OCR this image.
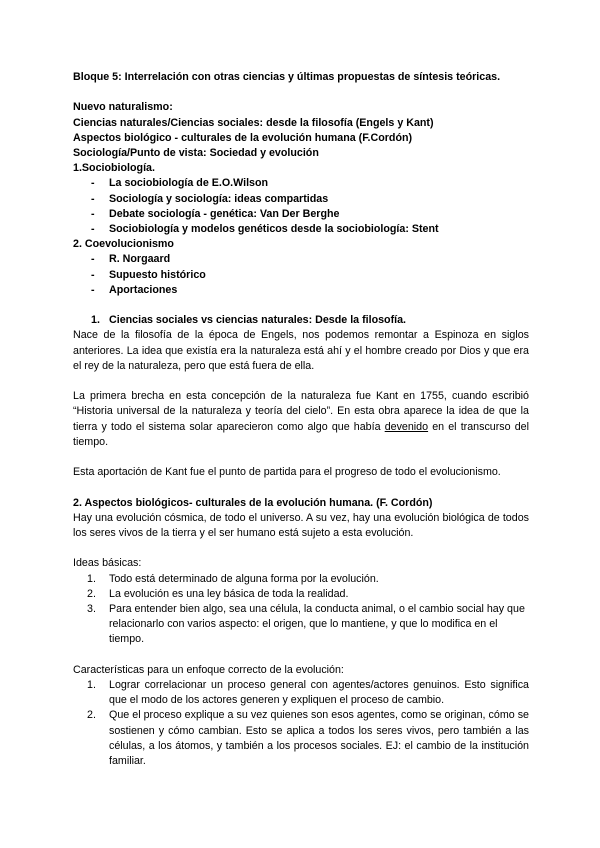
Bloque 5: Interrelación con otras ciencias y últimas propuestas de síntesis teóricas.
Nuevo naturalismo:
Ciencias naturales/Ciencias sociales: desde la filosofía (Engels y Kant)
Aspectos biológico - culturales de la evolución humana (F.Cordón)
Sociología/Punto de vista: Sociedad y evolución
1.Sociobiología.
- La sociobiología de E.O.Wilson
- Sociología y sociología: ideas compartidas
- Debate sociología - genética: Van Der Berghe
- Sociobiología y modelos genéticos desde la sociobiología: Stent
2. Coevolucionismo
- R. Norgaard
- Supuesto histórico
- Aportaciones
1. Ciencias sociales vs ciencias naturales: Desde la filosofía.
Nace de la filosofía de la época de Engels, nos podemos remontar a Espinoza en siglos anteriores. La idea que existía era la naturaleza está ahí y el hombre creado por Dios y que era el rey de la naturaleza, pero que está fuera de ella.
La primera brecha en esta concepción de la naturaleza fue Kant en 1755, cuando escribió “Historia universal de la naturaleza y teoría del cielo”. En esta obra aparece la idea de que la tierra y todo el sistema solar aparecieron como algo que había devenido en el transcurso del tiempo.
Esta aportación de Kant fue el punto de partida para el progreso de todo el evolucionismo.
2. Aspectos biológicos- culturales de la evolución humana. (F. Cordón)
Hay una evolución cósmica, de todo el universo. A su vez, hay una evolución biológica de todos los seres vivos de la tierra y el ser humano está sujeto a esta evolución.
Ideas básicas:
1. Todo está determinado de alguna forma por la evolución.
2. La evolución es una ley básica de toda la realidad.
3. Para entender bien algo, sea una célula, la conducta animal, o el cambio social hay que relacionarlo con varios aspecto: el origen, que lo mantiene, y que lo modifica en el tiempo.
Características para un enfoque correcto de la evolución:
1. Lograr correlacionar un proceso general con agentes/actores genuinos. Esto significa que el modo de los actores generen y expliquen el proceso de cambio.
2. Que el proceso explique a su vez quienes son esos agentes, como se originan, cómo se sostienen y cómo cambian. Esto se aplica a todos los seres vivos, pero también a las células, a los átomos, y también a los procesos sociales. EJ: el cambio de la institución familiar.
